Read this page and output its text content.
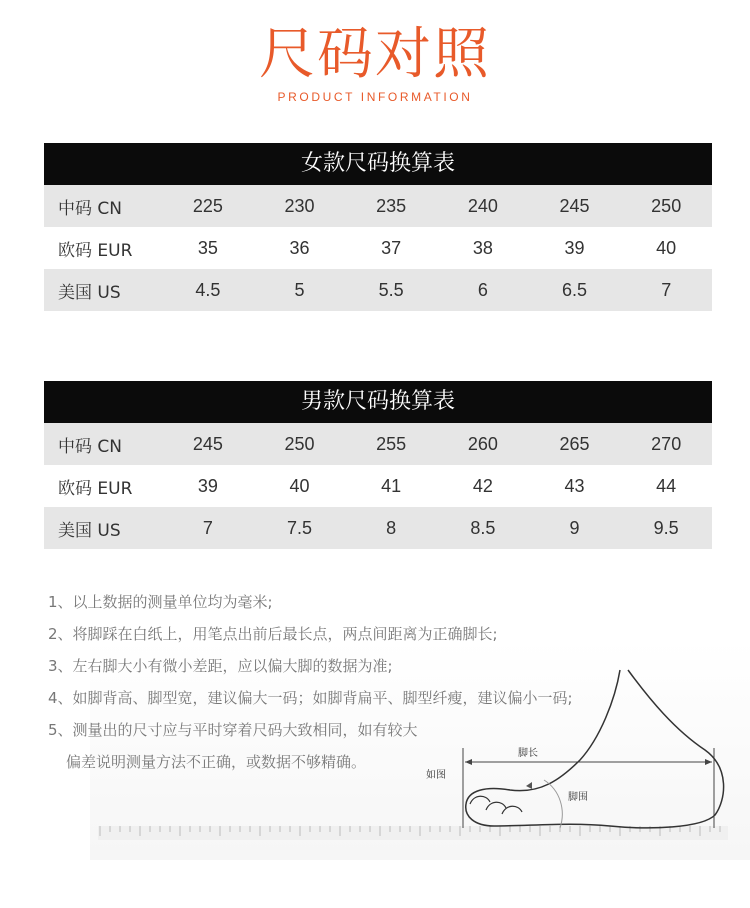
尺码对照
PRODUCT INFORMATION
女款尺码换算表
中码 CN	225	230	235	240	245	250
欧码 EUR	35	36	37	38	39	40
美国 US	4.5	5	5.5	6	6.5	7
男款尺码换算表
中码 CN	245	250	255	260	265	270
欧码 EUR	39	40	41	42	43	44
美国 US	7	7.5	8	8.5	9	9.5
如图
脚长
脚围
1、以上数据的测量单位均为毫米;
2、将脚踩在白纸上，用笔点出前后最长点，两点间距离为正确脚长;
3、左右脚大小有微小差距，应以偏大脚的数据为准;
4、如脚背高、脚型宽，建议偏大一码；如脚背扁平、脚型纤瘦，建议偏小一码;
5、测量出的尺寸应与平时穿着尺码大致相同，如有较大
偏差说明测量方法不正确，或数据不够精确。
